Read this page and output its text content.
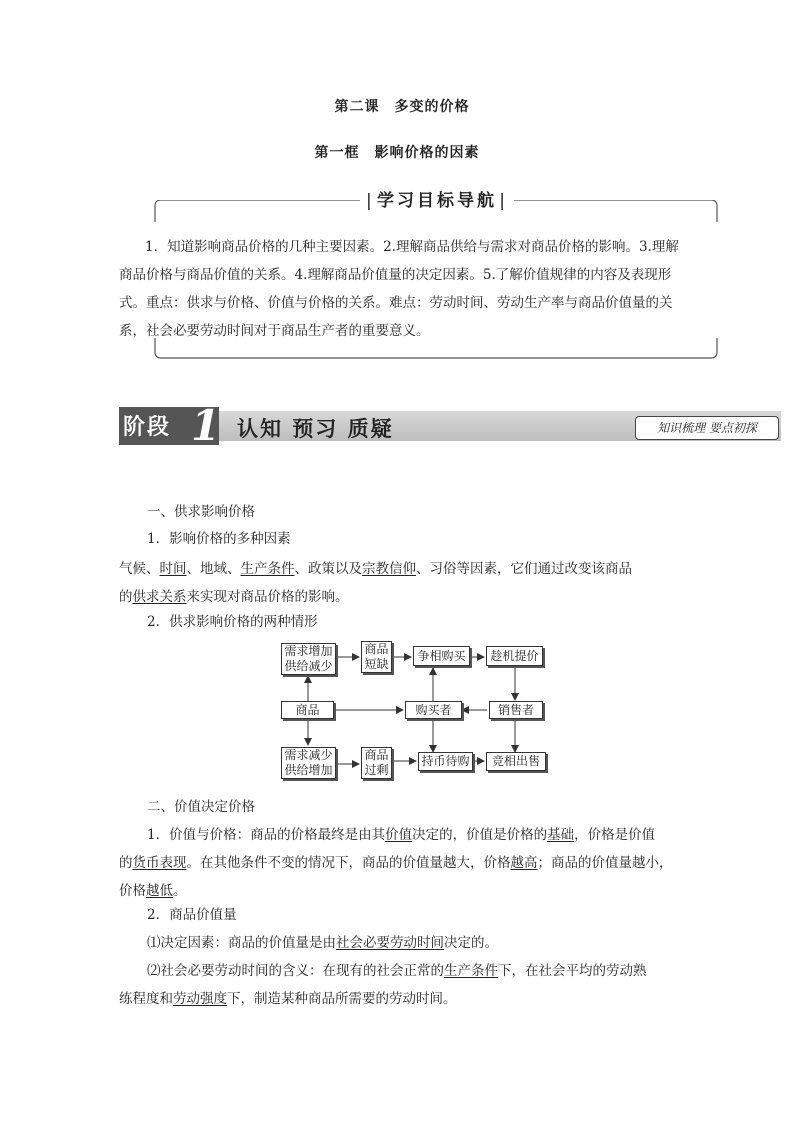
第二课　多变的价格
第一框　影响价格的因素
|学习目标导航|
1．知道影响商品价格的几种主要因素。2.理解商品供给与需求对商品价格的影响。3.理解商品价格与商品价值的关系。4.理解商品价值量的决定因素。5.了解价值规律的内容及表现形式。重点：供求与价格、价值与价格的关系。难点：劳动时间、劳动生产率与商品价值量的关系，社会必要劳动时间对于商品生产者的重要意义。
阶段 1 认知 预习 质疑	知识梳理 要点初探
一、供求影响价格
1．影响价格的多种因素
气候、时间、地域、生产条件、政策以及宗教信仰、习俗等因素，它们通过改变该商品
的供求关系来实现对商品价格的影响。
2．供求影响价格的两种情形
需求增加
供给减少
商品
短缺
争相购买 趁机提价
商品	购买者	销售者
需求减少
供给增加
商品
过剩
持币待购 竞相出售
二、价值决定价格
1．价值与价格：商品的价格最终是由其价值决定的，价值是价格的基础，价格是价值
的货币表现。在其他条件不变的情况下，商品的价值量越大，价格越高；商品的价值量越小，
价格越低。
2．商品价值量
⑴决定因素：商品的价值量是由社会必要劳动时间决定的。
⑵社会必要劳动时间的含义：在现有的社会正常的生产条件下，在社会平均的劳动熟
练程度和劳动强度下，制造某种商品所需要的劳动时间。
